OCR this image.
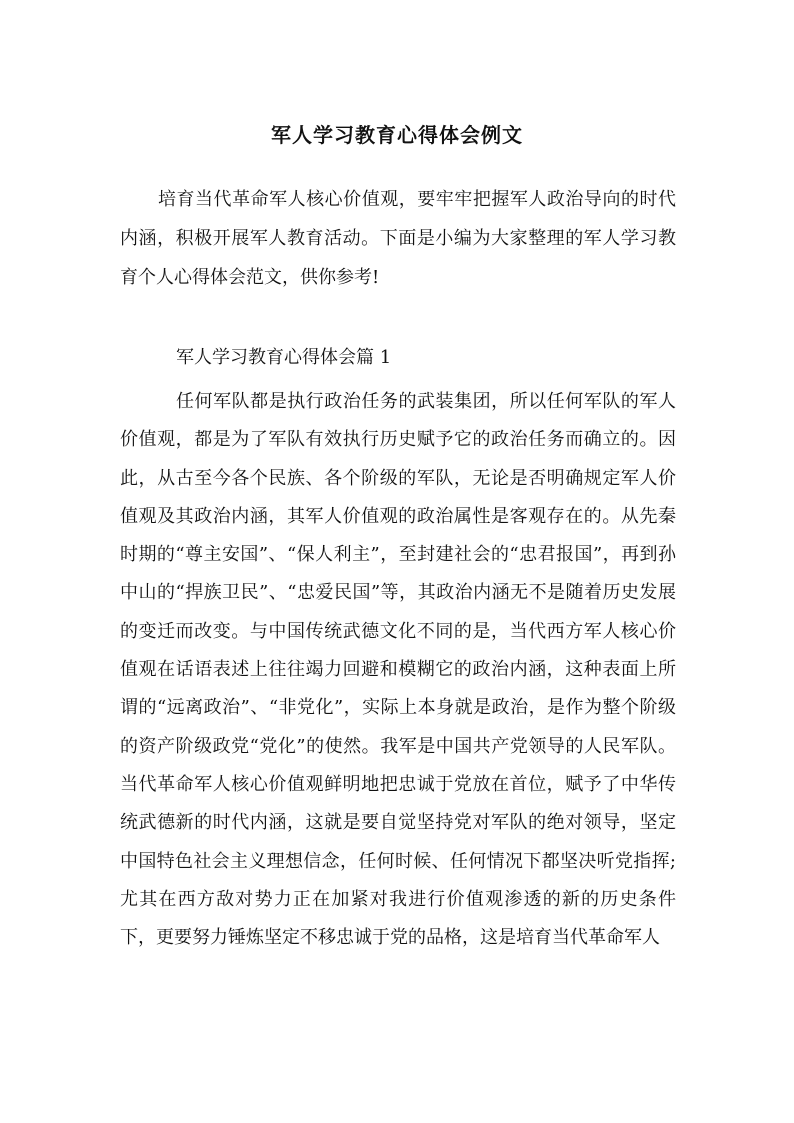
军人学习教育心得体会例文

培育当代革命军人核心价值观，要牢牢把握军人政治导向的时代内涵，积极开展军人教育活动。下面是小编为大家整理的军人学习教育个人心得体会范文，供你参考!

军人学习教育心得体会篇 1

任何军队都是执行政治任务的武装集团，所以任何军队的军人价值观，都是为了军队有效执行历史赋予它的政治任务而确立的。因此，从古至今各个民族、各个阶级的军队，无论是否明确规定军人价值观及其政治内涵，其军人价值观的政治属性是客观存在的。从先秦时期的“尊主安国”、“保人利主”，至封建社会的“忠君报国”，再到孙中山的“捍族卫民”、“忠爱民国”等，其政治内涵无不是随着历史发展的变迁而改变。与中国传统武德文化不同的是，当代西方军人核心价值观在话语表述上往往竭力回避和模糊它的政治内涵，这种表面上所谓的“远离政治”、“非党化”，实际上本身就是政治，是作为整个阶级的资产阶级政党“党化”的使然。我军是中国共产党领导的人民军队。当代革命军人核心价值观鲜明地把忠诚于党放在首位，赋予了中华传统武德新的时代内涵，这就是要自觉坚持党对军队的绝对领导，坚定中国特色社会主义理想信念，任何时候、任何情况下都坚决听党指挥;尤其在西方敌对势力正在加紧对我进行价值观渗透的新的历史条件下，更要努力锤炼坚定不移忠诚于党的品格，这是培育当代革命军人
